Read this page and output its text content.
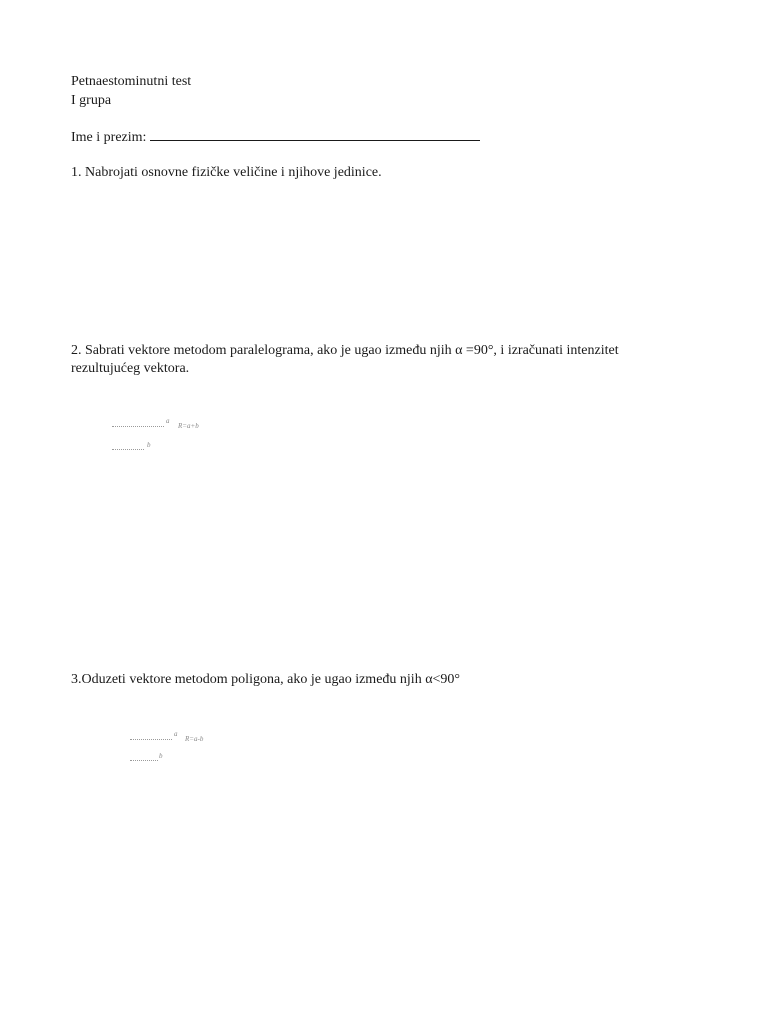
Petnaestominutni test
I grupa
Ime i prezim:
1. Nabrojati osnovne fizičke veličine i njihove jedinice.
2. Sabrati vektore metodom paralelograma, ako je ugao između njih α =90°, i izračunati intenzitet rezultujućeg vektora.
a
R=a+b
b
3.Oduzeti vektore metodom poligona, ako je ugao između njih α<90°
a
R=a-b
b
